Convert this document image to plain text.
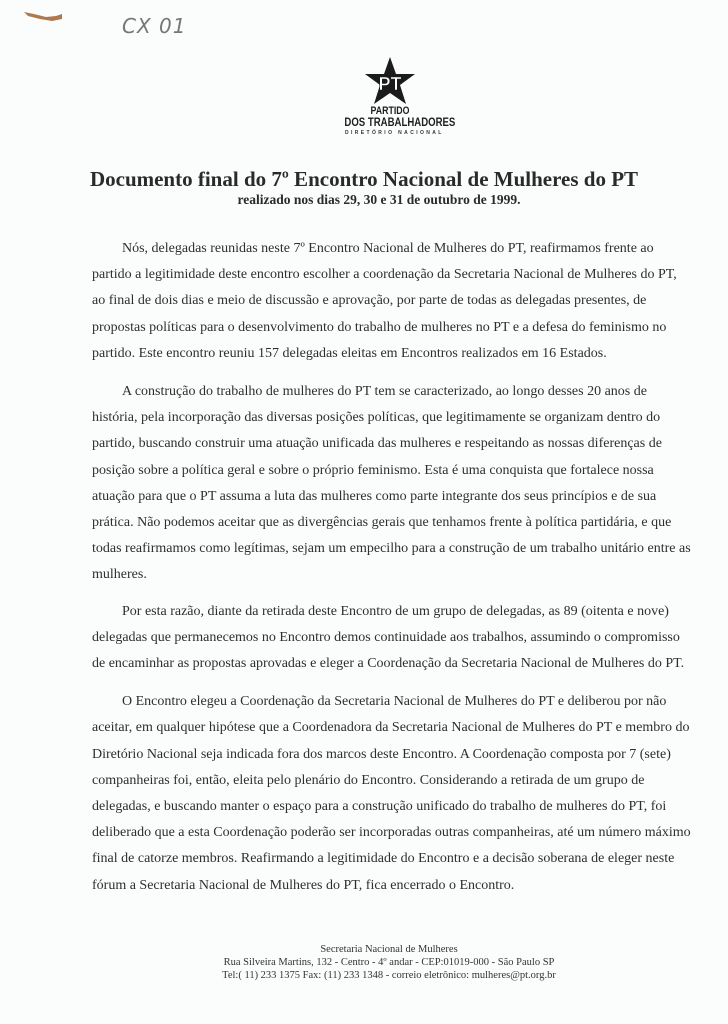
CX 01
PT
PARTIDO
DOS TRABALHADORES
DIRETÓRIO NACIONAL
Documento final do 7º Encontro Nacional de Mulheres do PT
realizado nos dias 29, 30 e 31 de outubro de 1999.

Nós, delegadas reunidas neste 7º Encontro Nacional de Mulheres do PT, reafirmamos frente ao partido a legitimidade deste encontro escolher a coordenação da Secretaria Nacional de Mulheres do PT, ao final de dois dias e meio de discussão e aprovação, por parte de todas as delegadas presentes, de propostas políticas para o desenvolvimento do trabalho de mulheres no PT e a defesa do feminismo no partido. Este encontro reuniu 157 delegadas eleitas em Encontros realizados em 16 Estados.

A construção do trabalho de mulheres do PT tem se caracterizado, ao longo desses 20 anos de história, pela incorporação das diversas posições políticas, que legitimamente se organizam dentro do partido, buscando construir uma atuação unificada das mulheres e respeitando as nossas diferenças de posição sobre a política geral e sobre o próprio feminismo. Esta é uma conquista que fortalece nossa atuação para que o PT assuma a luta das mulheres como parte integrante dos seus princípios e de sua prática. Não podemos aceitar que as divergências gerais que tenhamos frente à política partidária, e que todas reafirmamos como legítimas, sejam um empecilho para a construção de um trabalho unitário entre as mulheres.

Por esta razão, diante da retirada deste Encontro de um grupo de delegadas, as 89 (oitenta e nove) delegadas que permanecemos no Encontro demos continuidade aos trabalhos, assumindo o compromisso de encaminhar as propostas aprovadas e eleger a Coordenação da Secretaria Nacional de Mulheres do PT.

O Encontro elegeu a Coordenação da Secretaria Nacional de Mulheres do PT e deliberou por não aceitar, em qualquer hipótese que a Coordenadora da Secretaria Nacional de Mulheres do PT e membro do Diretório Nacional seja indicada fora dos marcos deste Encontro. A Coordenação composta por 7 (sete) companheiras foi, então, eleita pelo plenário do Encontro. Considerando a retirada de um grupo de delegadas, e buscando manter o espaço para a construção unificado do trabalho de mulheres do PT, foi deliberado que a esta Coordenação poderão ser incorporadas outras companheiras, até um número máximo final de catorze membros. Reafirmando a legitimidade do Encontro e a decisão soberana de eleger neste fórum a Secretaria Nacional de Mulheres do PT, fica encerrado o Encontro.

Secretaria Nacional de Mulheres
Rua Silveira Martins, 132 - Centro - 4º andar - CEP:01019-000 - São Paulo SP
Tel:( 11) 233 1375 Fax: (11) 233 1348 - correio eletrônico: mulheres@pt.org.br
